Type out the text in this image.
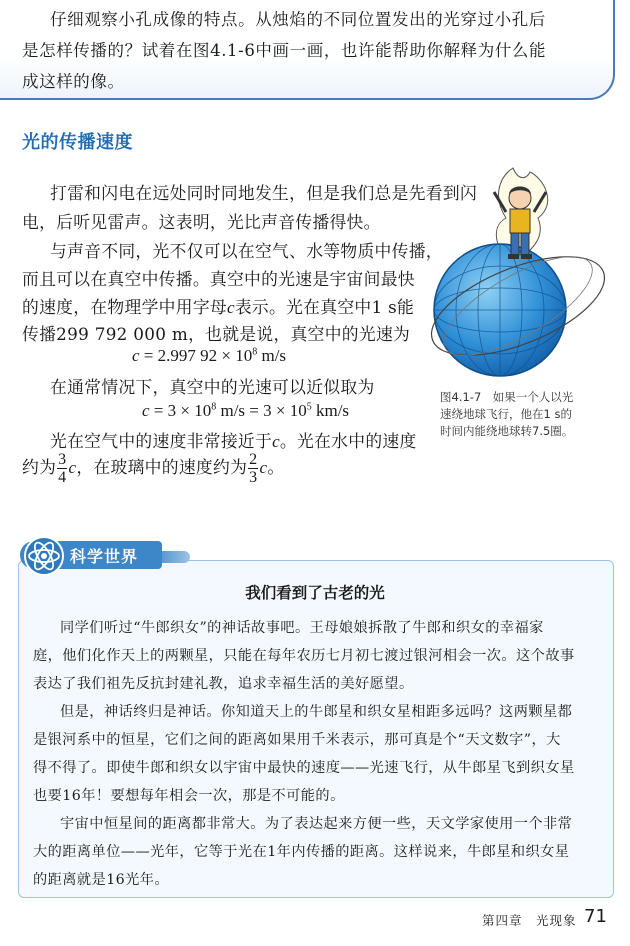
仔细观察小孔成像的特点。从烛焰的不同位置发出的光穿过小孔后
是怎样传播的？试着在图4.1-6中画一画，也许能帮助你解释为什么能
成这样的像。
光的传播速度
打雷和闪电在远处同时同地发生，但是我们总是先看到闪
电，后听见雷声。这表明，光比声音传播得快。
与声音不同，光不仅可以在空气、水等物质中传播，
而且可以在真空中传播。真空中的光速是宇宙间最快
的速度，在物理学中用字母c表示。光在真空中1 s能
传播299 792 000 m，也就是说，真空中的光速为
c = 2.997 $92 \times 10^8$ m/s
在通常情况下，真空中的光速可以近似取为
$c = 3 \times 10^8$ $m/s = 3 \times 10^5$ km/s
光在空气中的速度非常接近于c。光在水中的速度
约为 $\frac{3}{4}$ c，在玻璃中的速度约为 $\frac{2}{3}$ c。
图4.1-7　如果一个人以光
速绕地球飞行，他在1 s的
时间内能绕地球转7.5圈。
科学世界
我们看到了古老的光
同学们听过“牛郎织女”的神话故事吧。王母娘娘拆散了牛郎和织女的幸福家
庭，他们化作天上的两颗星，只能在每年农历七月初七渡过银河相会一次。这个故事
表达了我们祖先反抗封建礼教，追求幸福生活的美好愿望。
但是，神话终归是神话。你知道天上的牛郎星和织女星相距多远吗？这两颗星都
是银河系中的恒星，它们之间的距离如果用千米表示，那可真是个“天文数字”，大
得不得了。即使牛郎和织女以宇宙中最快的速度——光速飞行，从牛郎星飞到织女星
也要16年！要想每年相会一次，那是不可能的。
宇宙中恒星间的距离都非常大。为了表达起来方便一些，天文学家使用一个非常
大的距离单位——光年，它等于光在1年内传播的距离。这样说来，牛郎星和织女星
的距离就是16光年。
第四章　光现象 71
